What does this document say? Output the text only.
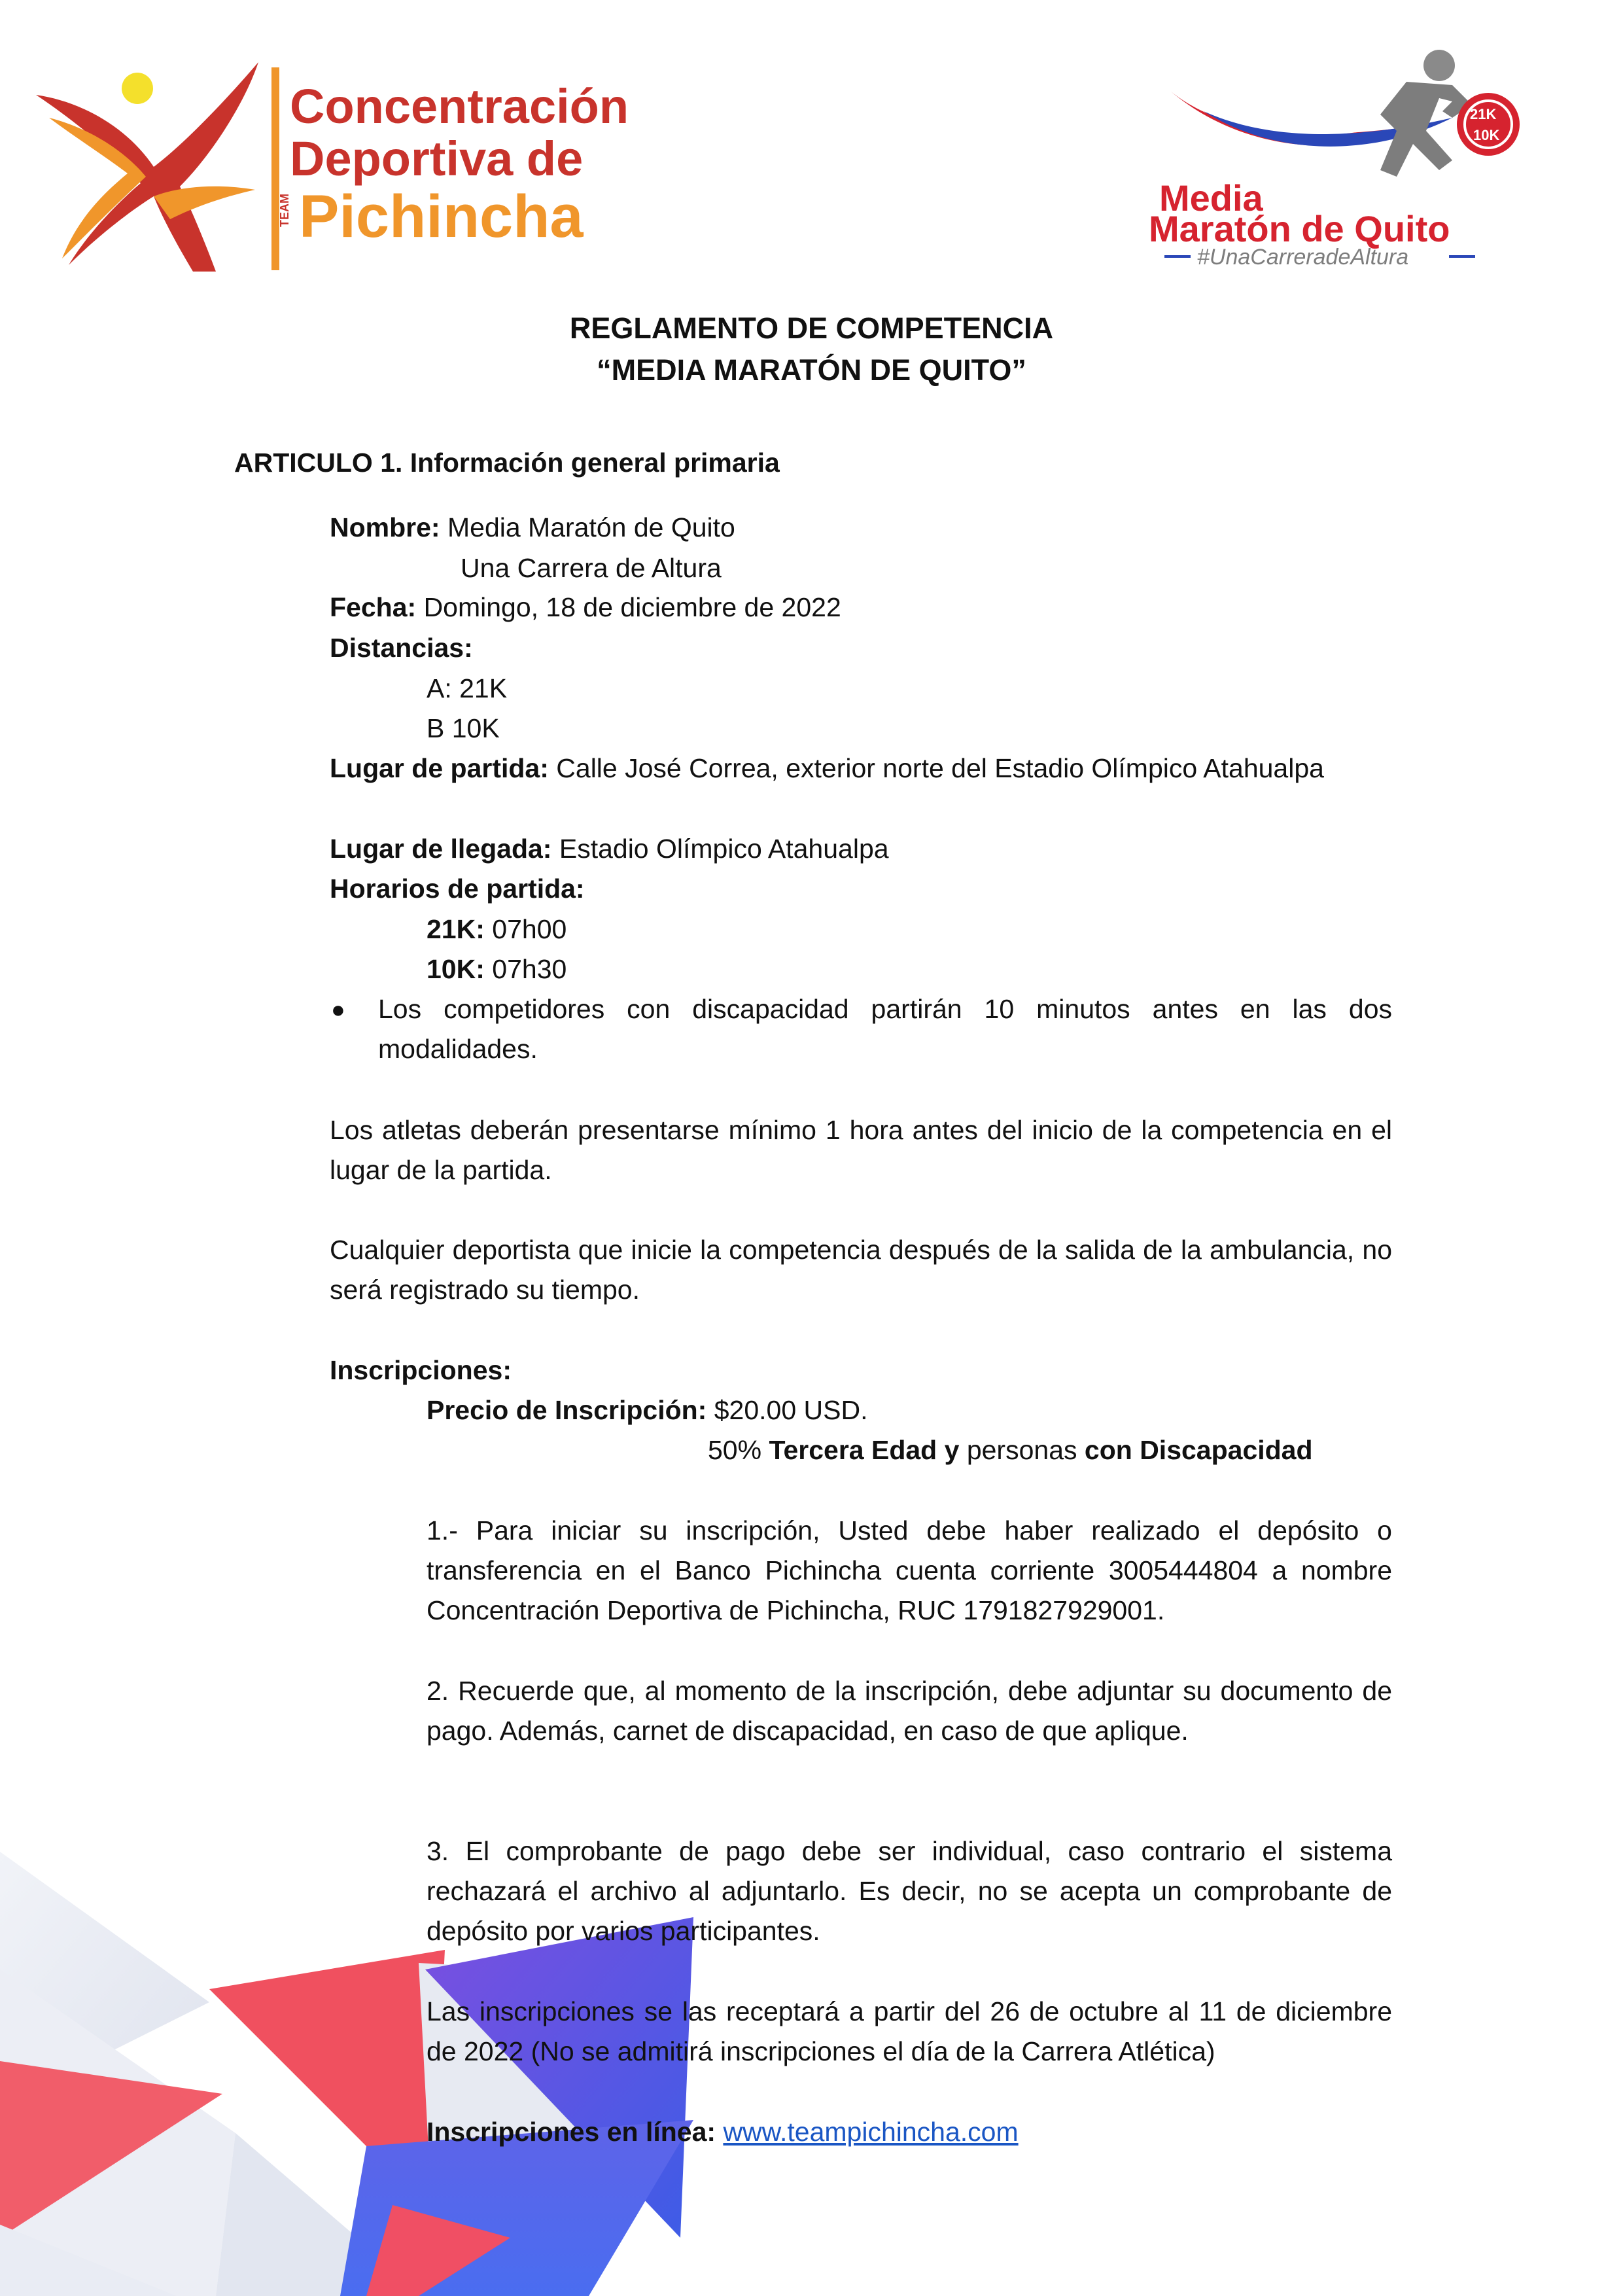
Concentración
Deportiva de
TEAM Pichincha
21K
10K
Media
Maratón de Quito
#UnaCarreradeAltura
REGLAMENTO DE COMPETENCIA
“MEDIA MARATÓN DE QUITO”
ARTICULO 1. Información general primaria
Nombre: Media Maratón de Quito
Una Carrera de Altura
Fecha: Domingo, 18 de diciembre de 2022
Distancias:
A: 21K
B 10K
Lugar de partida: Calle José Correa, exterior norte del Estadio Olímpico Atahualpa
Lugar de llegada: Estadio Olímpico Atahualpa
Horarios de partida:
21K: 07h00
10K: 07h30
● Los competidores con discapacidad partirán 10 minutos antes en las dos modalidades.
Los atletas deberán presentarse mínimo 1 hora antes del inicio de la competencia en el lugar de la partida.
Cualquier deportista que inicie la competencia después de la salida de la ambulancia, no será registrado su tiempo.
Inscripciones:
Precio de Inscripción: $20.00 USD.
50% Tercera Edad y personas con Discapacidad
1.- Para iniciar su inscripción, Usted debe haber realizado el depósito o transferencia en el Banco Pichincha cuenta corriente 3005444804 a nombre Concentración Deportiva de Pichincha, RUC 1791827929001.
2. Recuerde que, al momento de la inscripción, debe adjuntar su documento de pago. Además, carnet de discapacidad, en caso de que aplique.
3. El comprobante de pago debe ser individual, caso contrario el sistema rechazará el archivo al adjuntarlo. Es decir, no se acepta un comprobante de depósito por varios participantes.
Las inscripciones se las receptará a partir del 26 de octubre al 11 de diciembre de 2022 (No se admitirá inscripciones el día de la Carrera Atlética)
Inscripciones en línea: www.teampichincha.com
